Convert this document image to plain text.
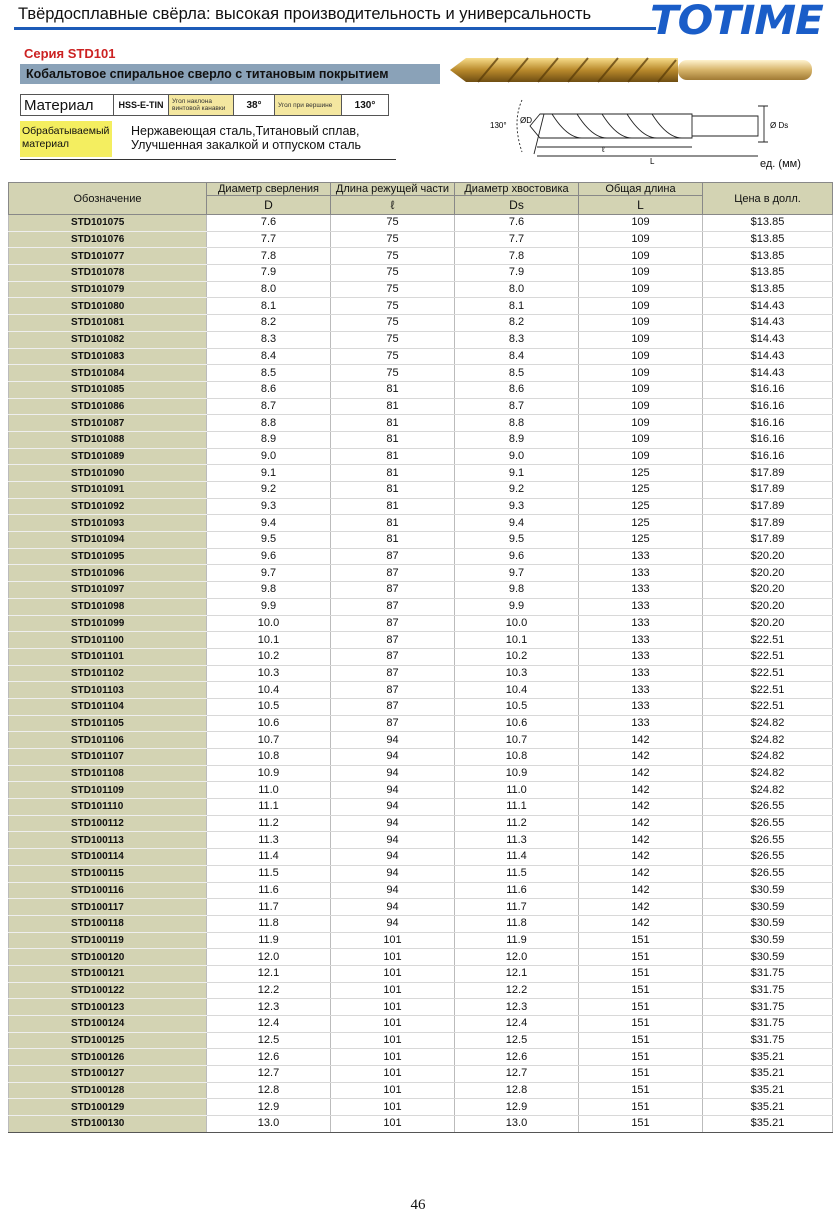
Твёрдосплавные свёрла: высокая производительность и универсальность TOTIME
Серия STD101
Кобальтовое спиральное сверло с титановым покрытием
Материал	HSS-E-TIN	Угол наклона винтовой канавки	38°	Угол при вершине	130°
Обрабатываемый материал
Нержавеющая сталь,Титановый сплав,
Улучшенная закалкой и отпуском сталь
130°
ØD
Ø Ds
ℓ
L	ед. (мм)
Обозначение	Диаметр сверления	Длина режущей части	Диаметр хвостовика	Общая длина	Цена в долл.
	D	ℓ	Ds	L	
STD101075	7.6	75	7.6	109	$13.85
STD101076	7.7	75	7.7	109	$13.85
STD101077	7.8	75	7.8	109	$13.85
STD101078	7.9	75	7.9	109	$13.85
STD101079	8.0	75	8.0	109	$13.85
STD101080	8.1	75	8.1	109	$14.43
STD101081	8.2	75	8.2	109	$14.43
STD101082	8.3	75	8.3	109	$14.43
STD101083	8.4	75	8.4	109	$14.43
STD101084	8.5	75	8.5	109	$14.43
STD101085	8.6	81	8.6	109	$16.16
STD101086	8.7	81	8.7	109	$16.16
STD101087	8.8	81	8.8	109	$16.16
STD101088	8.9	81	8.9	109	$16.16
STD101089	9.0	81	9.0	109	$16.16
STD101090	9.1	81	9.1	125	$17.89
STD101091	9.2	81	9.2	125	$17.89
STD101092	9.3	81	9.3	125	$17.89
STD101093	9.4	81	9.4	125	$17.89
STD101094	9.5	81	9.5	125	$17.89
STD101095	9.6	87	9.6	133	$20.20
STD101096	9.7	87	9.7	133	$20.20
STD101097	9.8	87	9.8	133	$20.20
STD101098	9.9	87	9.9	133	$20.20
STD101099	10.0	87	10.0	133	$20.20
STD101100	10.1	87	10.1	133	$22.51
STD101101	10.2	87	10.2	133	$22.51
STD101102	10.3	87	10.3	133	$22.51
STD101103	10.4	87	10.4	133	$22.51
STD101104	10.5	87	10.5	133	$22.51
STD101105	10.6	87	10.6	133	$24.82
STD101106	10.7	94	10.7	142	$24.82
STD101107	10.8	94	10.8	142	$24.82
STD101108	10.9	94	10.9	142	$24.82
STD101109	11.0	94	11.0	142	$24.82
STD101110	11.1	94	11.1	142	$26.55
STD100112	11.2	94	11.2	142	$26.55
STD100113	11.3	94	11.3	142	$26.55
STD100114	11.4	94	11.4	142	$26.55
STD100115	11.5	94	11.5	142	$26.55
STD100116	11.6	94	11.6	142	$30.59
STD100117	11.7	94	11.7	142	$30.59
STD100118	11.8	94	11.8	142	$30.59
STD100119	11.9	101	11.9	151	$30.59
STD100120	12.0	101	12.0	151	$30.59
STD100121	12.1	101	12.1	151	$31.75
STD100122	12.2	101	12.2	151	$31.75
STD100123	12.3	101	12.3	151	$31.75
STD100124	12.4	101	12.4	151	$31.75
STD100125	12.5	101	12.5	151	$31.75
STD100126	12.6	101	12.6	151	$35.21
STD100127	12.7	101	12.7	151	$35.21
STD100128	12.8	101	12.8	151	$35.21
STD100129	12.9	101	12.9	151	$35.21
STD100130	13.0	101	13.0	151	$35.21
46
